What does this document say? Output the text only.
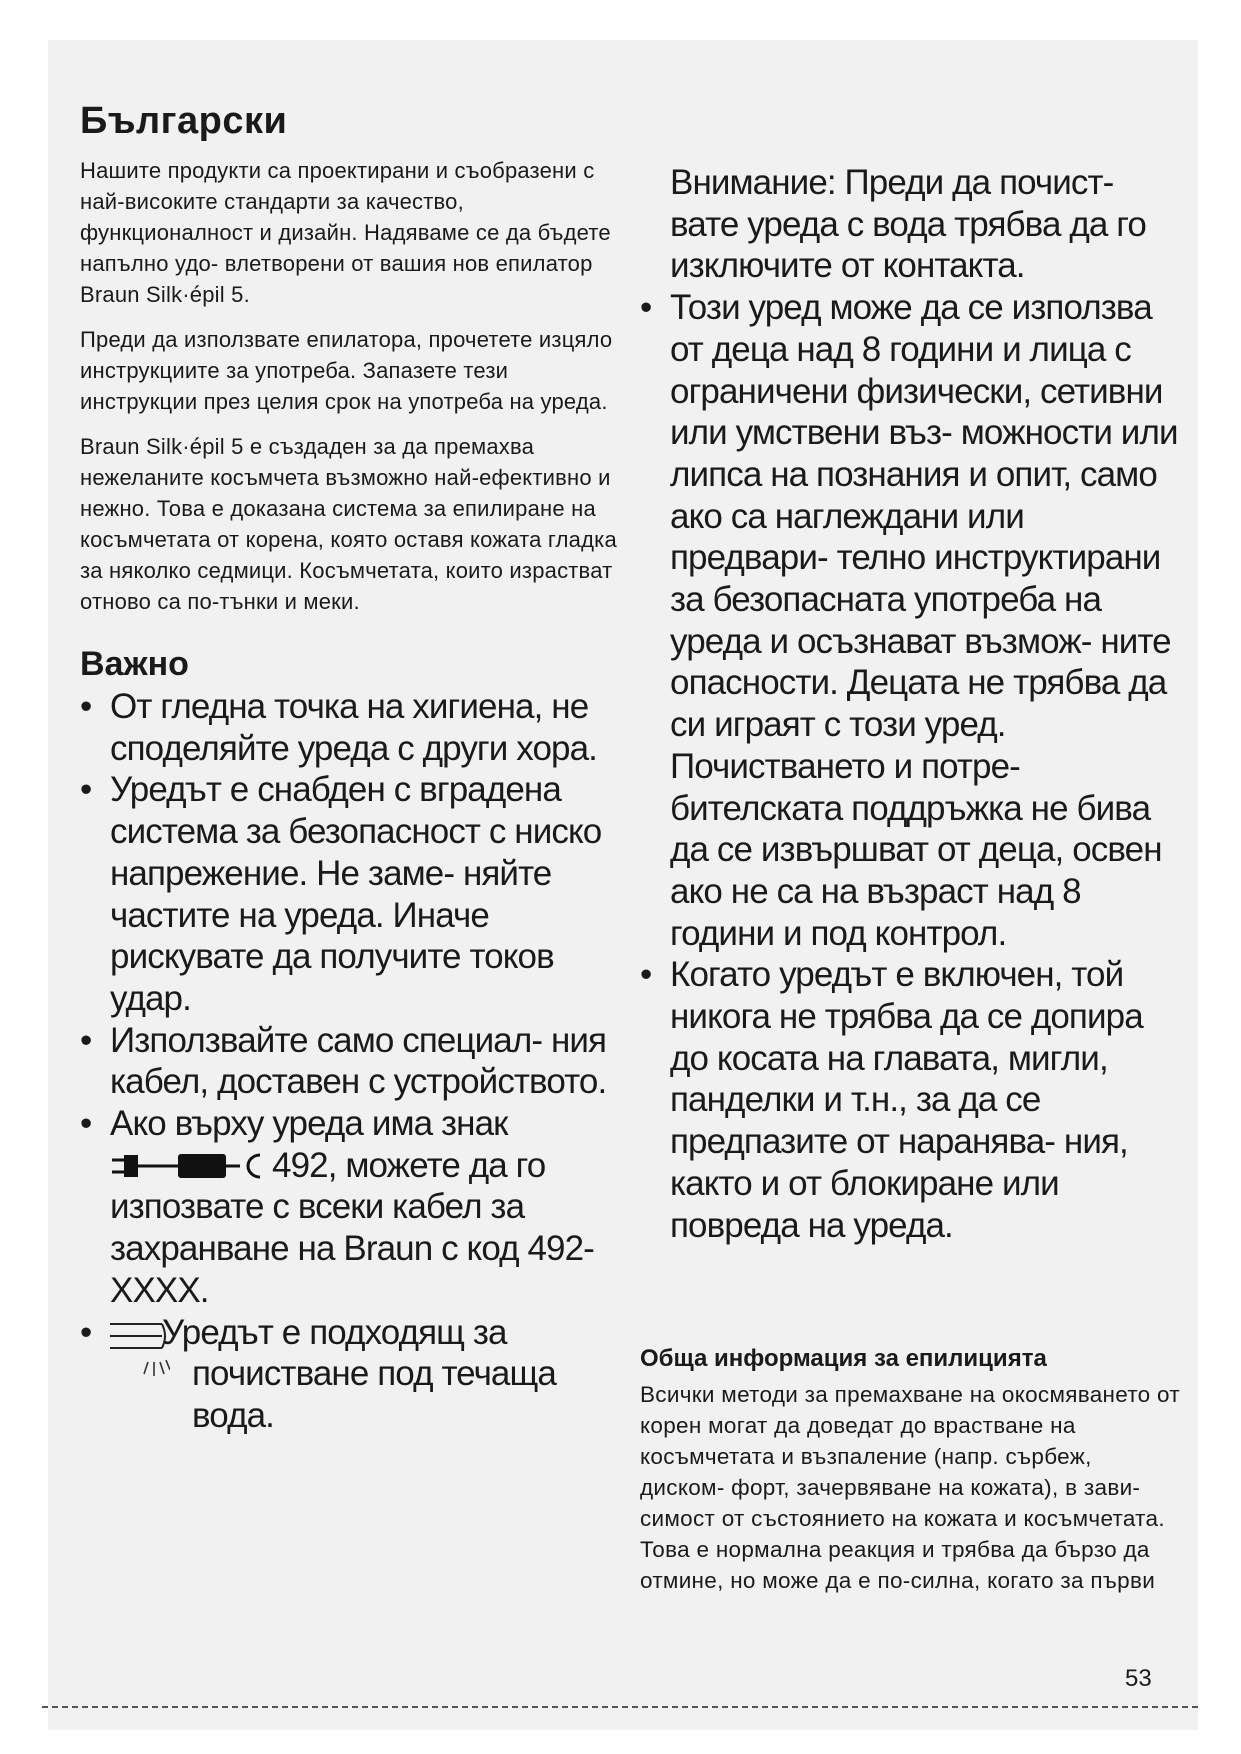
Български

Нашите продукти са проектирани и съобразени с най-високите стандарти за качество, функционалност и дизайн. Надяваме се да бъдете напълно удо- влетворени от вашия нов епилатор Braun Silk·épil 5.

Преди да използвате епилатора, прочетете изцяло инструкциите за употреба. Запазете тези инструкции през целия срок на употреба на уреда.

Braun Silk·épil 5 е създаден за да премахва нежеланите косъмчета възможно най-ефективно и нежно. Това е доказана система за епилиране на косъмчетата от корена, която оставя кожата гладка за няколко седмици. Косъмчетата, които израстват отново са по-тънки и меки.

Важно
• От гледна точка на хигиена, не споделяйте уреда с други хора.
• Уредът е снабден с вградена система за безопасност с ниско напрежение. Не заме- няйте частите на уреда. Иначе рискувате да получите токов удар.
• Използвайте само специал- ния кабел, доставен с устройството.
• Ако върху уреда има знак

492, можете да го изпозвате с всеки кабел за захранване на Braun с код 492-XXXX.
• Уредът е подходящ за
почистване под течаща вода.
Внимание: Преди да почист- вате уреда с вода трябва да го изключите от контакта.
• Този уред може да се използва от деца над 8 години и лица с ограничени физически, сетивни или умствени въз- можности или липса на познания и опит, само ако са наглеждани или предвари- телно инструктирани за безопасната употреба на уреда и осъзнават възмож- ните опасности. Децата не трябва да си играят с този уред. Почистването и потре- бителската поддръжка не бива да се извършват от деца, освен ако не са на възраст над 8 години и под контрол.
• Когато уредът е включен, той никога не трябва да се допира до косата на главата, мигли, панделки и т.н., за да се предпазите от наранява- ния, както и от блокиране или повреда на уреда.
Обща информация за епилицията

Всички методи за премахване на окосмяването от корен могат да доведат до врастване на косъмчетата и възпаление (напр. сърбеж, диском- форт, зачервяване на кожата), в зави- симост от състоянието на кожата и косъмчетата. Това е нормална реакция и трябва да бързо да отмине, но може да е по-силна, когато за първи

53
